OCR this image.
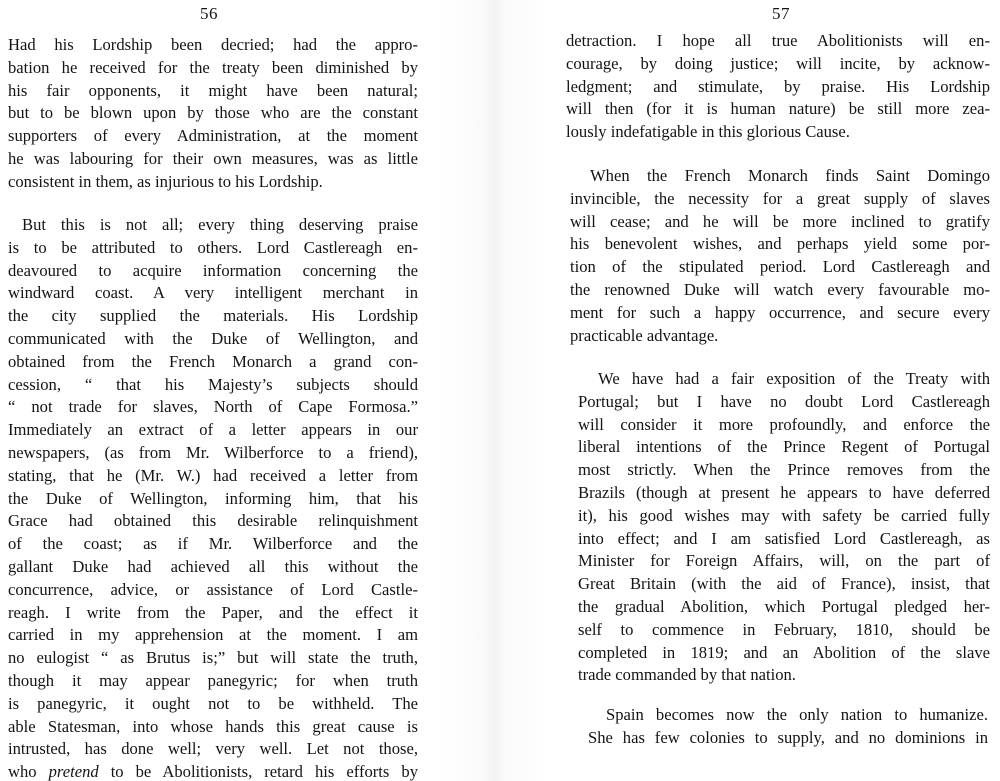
56

Had his Lordship been decried; had the appro-
bation he received for the treaty been diminished by
his fair opponents, it might have been natural;
but to be blown upon by those who are the constant
supporters of every Administration, at the moment
he was labouring for their own measures, was as little
consistent in them, as injurious to his Lordship.

But this is not all; every thing deserving praise
is to be attributed to others. Lord Castlereagh en-
deavoured to acquire information concerning the
windward coast. A very intelligent merchant in
the city supplied the materials. His Lordship
communicated with the Duke of Wellington, and
obtained from the French Monarch a grand con-
cession, “ that his Majesty’s subjects should
“ not trade for slaves, North of Cape Formosa.”
Immediately an extract of a letter appears in our
newspapers, (as from Mr. Wilberforce to a friend),
stating, that he (Mr. W.) had received a letter from
the Duke of Wellington, informing him, that his
Grace had obtained this desirable relinquishment
of the coast; as if Mr. Wilberforce and the
gallant Duke had achieved all this without the
concurrence, advice, or assistance of Lord Castle-
reagh. I write from the Paper, and the effect it
carried in my apprehension at the moment. I am
no eulogist “ as Brutus is;” but will state the truth,
though it may appear panegyric; for when truth
is panegyric, it ought not to be withheld. The
able Statesman, into whose hands this great cause is
intrusted, has done well; very well. Let not those,
who pretend to be Abolitionists, retard his efforts by

57

detraction. I hope all true Abolitionists will en-
courage, by doing justice; will incite, by acknow-
ledgment; and stimulate, by praise. His Lordship
will then (for it is human nature) be still more zea-
lously indefatigable in this glorious Cause.

When the French Monarch finds Saint Domingo
invincible, the necessity for a great supply of slaves
will cease; and he will be more inclined to gratify
his benevolent wishes, and perhaps yield some por-
tion of the stipulated period. Lord Castlereagh and
the renowned Duke will watch every favourable mo-
ment for such a happy occurrence, and secure every
practicable advantage.

We have had a fair exposition of the Treaty with
Portugal; but I have no doubt Lord Castlereagh
will consider it more profoundly, and enforce the
liberal intentions of the Prince Regent of Portugal
most strictly. When the Prince removes from the
Brazils (though at present he appears to have deferred
it), his good wishes may with safety be carried fully
into effect; and I am satisfied Lord Castlereagh, as
Minister for Foreign Affairs, will, on the part of
Great Britain (with the aid of France), insist, that
the gradual Abolition, which Portugal pledged her-
self to commence in February, 1810, should be
completed in 1819; and an Abolition of the slave
trade commanded by that nation.

Spain becomes now the only nation to humanize.
She has few colonies to supply, and no dominions in
